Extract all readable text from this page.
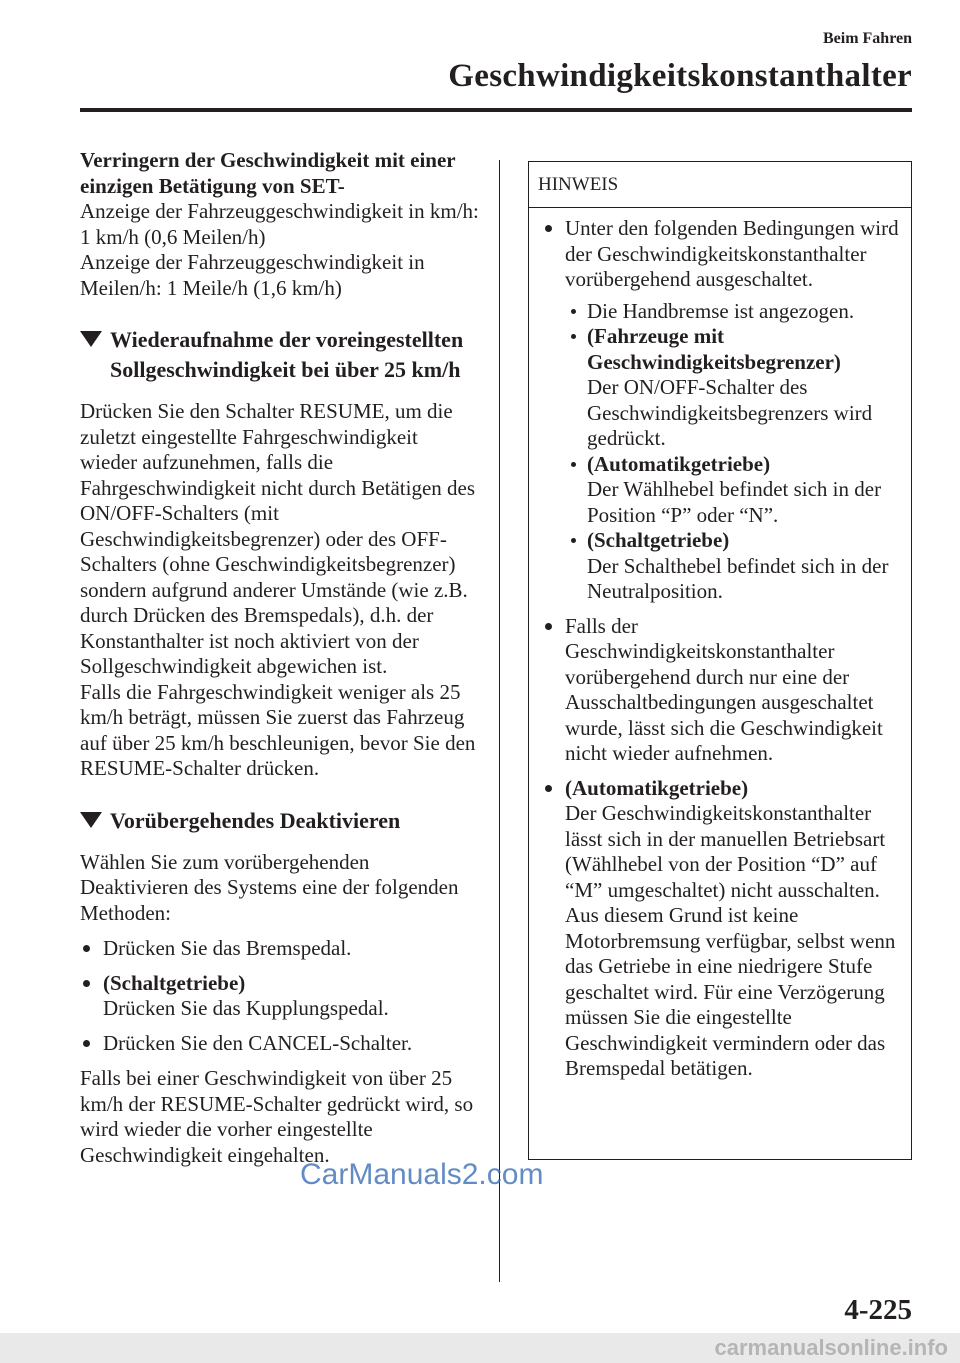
Beim Fahren
Geschwindigkeitskonstanthalter

Verringern der Geschwindigkeit mit einer einzigen Betätigung von SET-

Anzeige der Fahrzeuggeschwindigkeit in km/h: 1 km/h (0,6 Meilen/h)

Anzeige der Fahrzeuggeschwindigkeit in Meilen/h: 1 Meile/h (1,6 km/h)

Wiederaufnahme der voreingestellten Sollgeschwindigkeit bei über 25 km/h

Drücken Sie den Schalter RESUME, um die zuletzt eingestellte Fahrgeschwindigkeit wieder aufzunehmen, falls die Fahrgeschwindigkeit nicht durch Betätigen des ON/OFF-Schalters (mit Geschwindigkeitsbegrenzer) oder des OFF-Schalters (ohne Geschwindigkeitsbegrenzer) sondern aufgrund anderer Umstände (wie z.B. durch Drücken des Bremspedals), d.h. der Konstanthalter ist noch aktiviert von der Sollgeschwindigkeit abgewichen ist.

Falls die Fahrgeschwindigkeit weniger als 25 km/h beträgt, müssen Sie zuerst das Fahrzeug auf über 25 km/h beschleunigen, bevor Sie den RESUME-Schalter drücken.

Vorübergehendes Deaktivieren

Wählen Sie zum vorübergehenden Deaktivieren des Systems eine der folgenden Methoden:

Drücken Sie das Bremspedal.
(Schaltgetriebe)
Drücken Sie das Kupplungspedal.
Drücken Sie den CANCEL-Schalter.

Falls bei einer Geschwindigkeit von über 25 km/h der RESUME-Schalter gedrückt wird, so wird wieder die vorher eingestellte Geschwindigkeit eingehalten.

HINWEIS
Unter den folgenden Bedingungen wird der Geschwindigkeitskonstanthalter vorübergehend ausgeschaltet.
Die Handbremse ist angezogen.
(Fahrzeuge mit Geschwindigkeitsbegrenzer)
Der ON/OFF-Schalter des Geschwindigkeitsbegrenzers wird gedrückt.
(Automatikgetriebe)
Der Wählhebel befindet sich in der Position “P” oder “N”.
(Schaltgetriebe)
Der Schalthebel befindet sich in der Neutralposition.
Falls der Geschwindigkeitskonstanthalter vorübergehend durch nur eine der Ausschaltbedingungen ausgeschaltet wurde, lässt sich die Geschwindigkeit nicht wieder aufnehmen.
(Automatikgetriebe)
Der Geschwindigkeitskonstanthalter lässt sich in der manuellen Betriebsart (Wählhebel von der Position “D” auf “M” umgeschaltet) nicht ausschalten. Aus diesem Grund ist keine Motorbremsung verfügbar, selbst wenn das Getriebe in eine niedrigere Stufe geschaltet wird. Für eine Verzögerung müssen Sie die eingestellte Geschwindigkeit vermindern oder das Bremspedal betätigen.
CarManuals2.com
4-225
carmanualsonline.info
